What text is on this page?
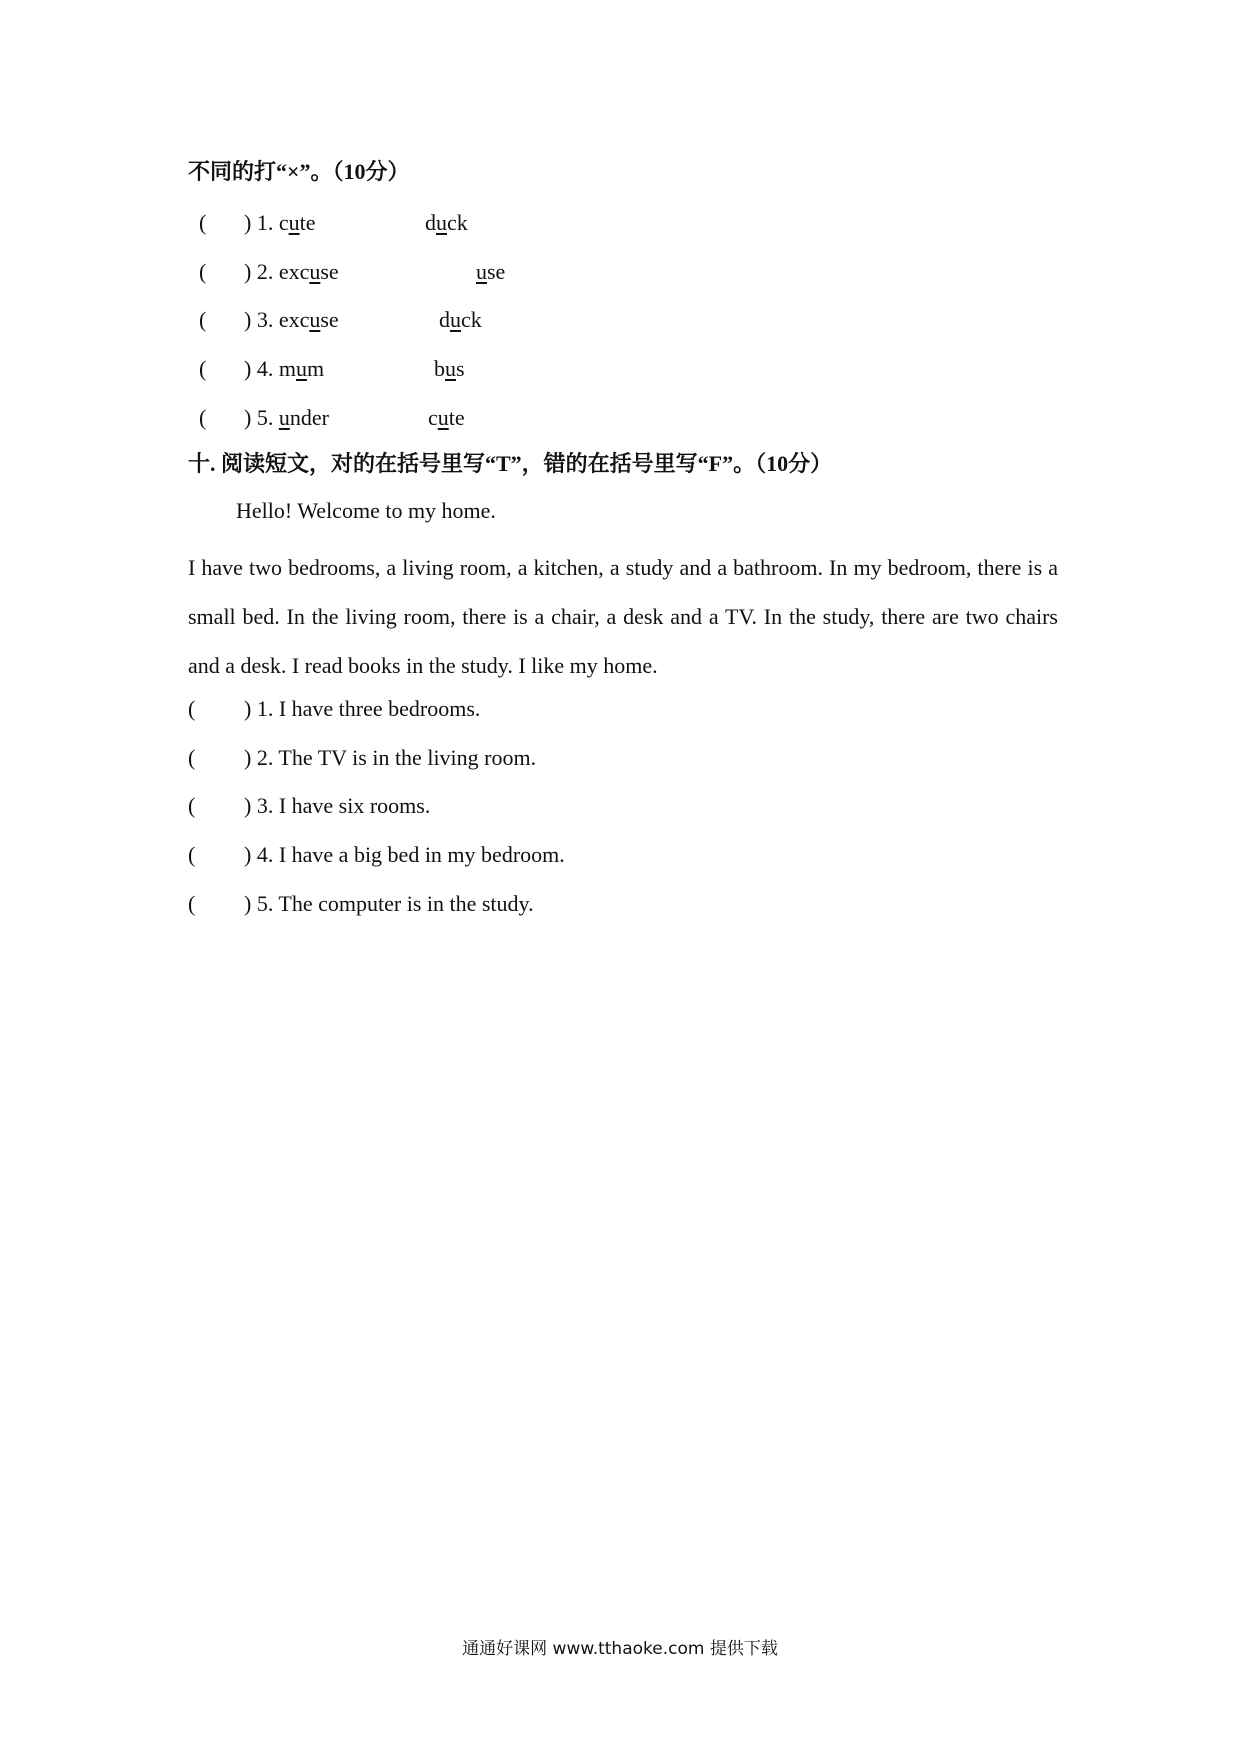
不同的打“×”。（10分）
( ) 1. cute	duck
( ) 2. excuse	use
( ) 3. excuse	duck
( ) 4. mum	bus
( ) 5. under	cute
十. 阅读短文，对的在括号里写“T”，错的在括号里写“F”。（10分）
Hello! Welcome to my home.
I have two bedrooms, a living room, a kitchen, a study and a bathroom. In my bedroom, there is a small bed. In the living room, there is a chair, a desk and a TV. In the study, there are two chairs and a desk. I read books in the study. I like my home.
( ) 1. I have three bedrooms.
( ) 2. The TV is in the living room.
( ) 3. I have six rooms.
( ) 4. I have a big bed in my bedroom.
( ) 5. The computer is in the study.
通通好课网 www.tthaoke.com 提供下载
